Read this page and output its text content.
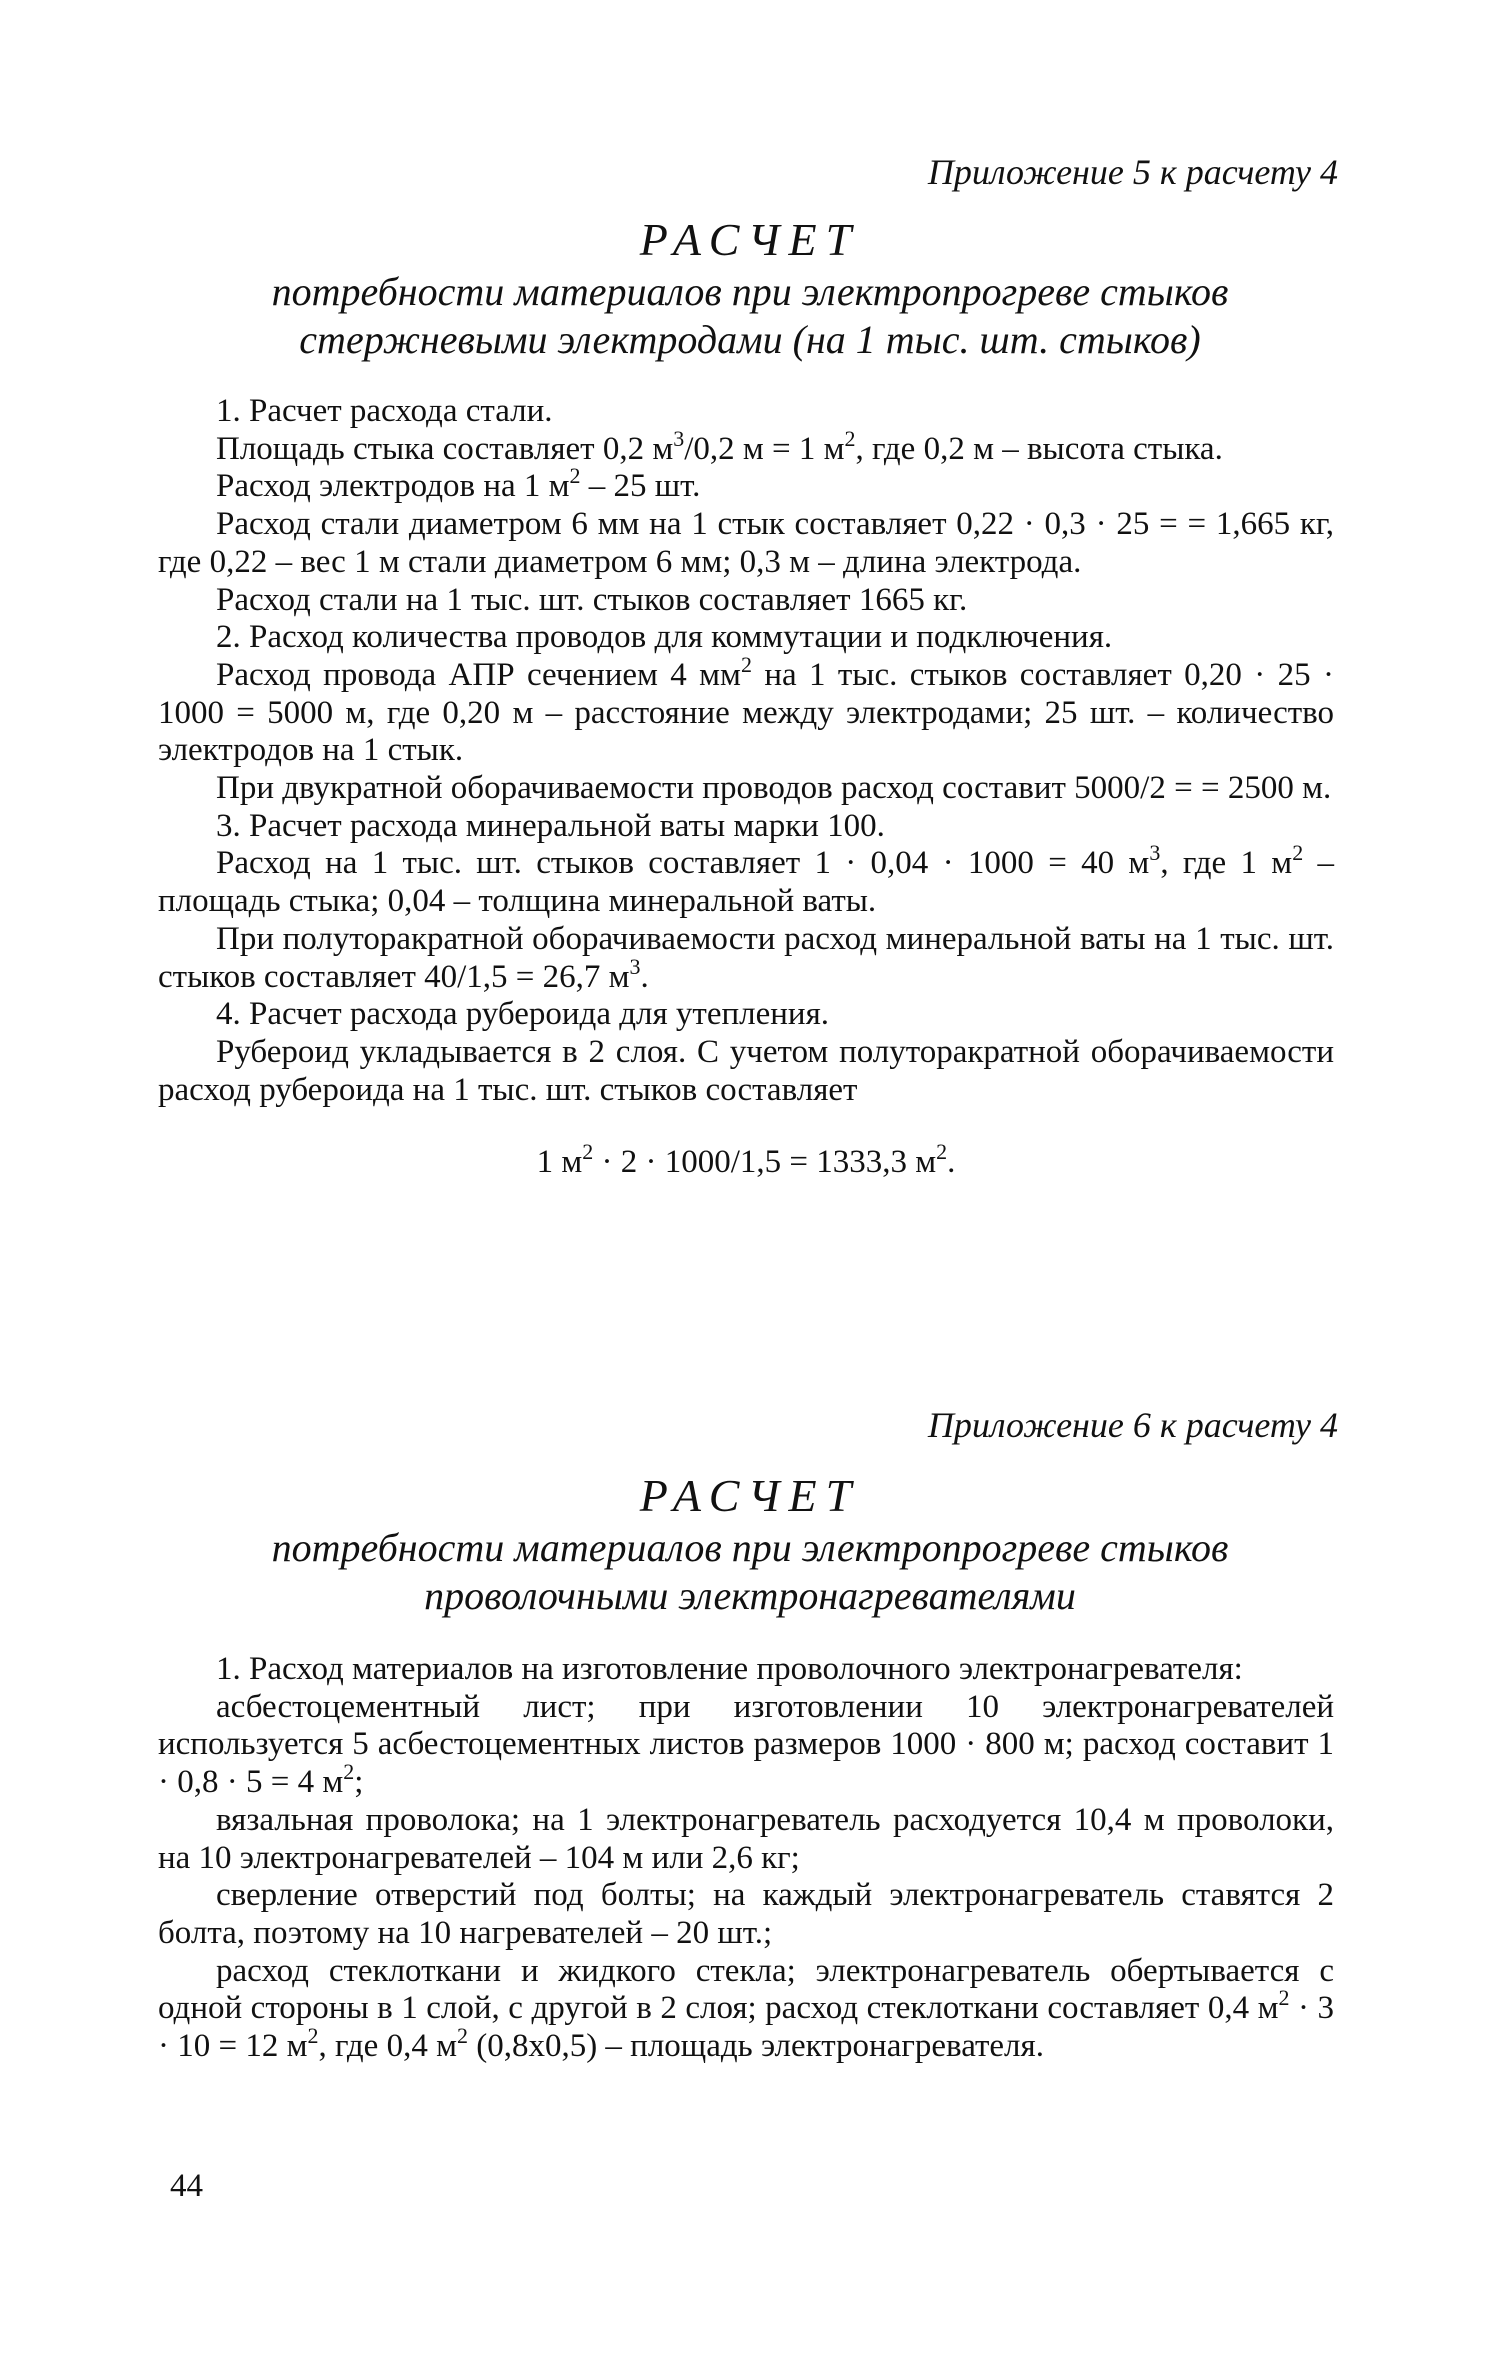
Приложение 5 к расчету 4
РАСЧЕТ
потребности материалов при электропрогреве стыков
стержневыми электродами (на 1 тыс. шт. стыков)

1. Расчет расхода стали.

Площадь стыка составляет 0,2 $м^3/0,2$ м = 1 $м^2$, где 0,2 м – высота стыка.

Расход электродов на 1 $м^2 - 25$ шт.

Расход стали диаметром 6 мм на 1 стык составляет 0,22 · 0,3 · 25 = = 1,665 кг, где 0,22 – вес 1 м стали диаметром 6 мм; 0,3 м – длина электрода.

Расход стали на 1 тыс. шт. стыков составляет 1665 кг.

2. Расход количества проводов для коммутации и подключения.

Расход провода АПР сечением 4 $мм^2$ на 1 тыс. стыков составляет 0,20 · 25 · 1000 = 5000 м, где 0,20 м – расстояние между электродами; 25 шт. – количество электродов на 1 стык.

При двукратной оборачиваемости проводов расход составит 5000/2 = = 2500 м.

3. Расчет расхода минеральной ваты марки 100.

Расход на 1 тыс. шт. стыков составляет 1 · 0,04 · 1000 = 40 $м^3$, где 1 $м^2$ – площадь стыка; 0,04 – толщина минеральной ваты.

При полуторакратной оборачиваемости расход минеральной ваты на 1 тыс. шт. стыков составляет 40/1,5 = 26,7 $м^3$.

4. Расчет расхода рубероида для утепления.

Рубероид укладывается в 2 слоя. С учетом полуторакратной оборачиваемости расход рубероида на 1 тыс. шт. стыков составляет

1 $м^2 \cdot 2 \cdot 1000/1,5 = 1333,3$ $м^2$.

Приложение 6 к расчету 4
РАСЧЕТ
потребности материалов при электропрогреве стыков
проволочными электронагревателями

1. Расход материалов на изготовление проволочного электронагревателя:

асбестоцементный лист; при изготовлении 10 электронагревателей используется 5 асбестоцементных листов размеров 1000 · 800 м; расход составит 1 · 0,8 · 5 = 4 $м^2$;

вязальная проволока; на 1 электронагреватель расходуется 10,4 м проволоки, на 10 электронагревателей – 104 м или 2,6 кг;

сверление отверстий под болты; на каждый электронагреватель ставятся 2 болта, поэтому на 10 нагревателей – 20 шт.;

расход стеклоткани и жидкого стекла; электронагреватель обертывается с одной стороны в 1 слой, с другой в 2 слоя; расход стеклоткани составляет 0,4 $м^2 \cdot 3 \cdot 10 = 12$ $м^2$, где 0,4 $м^2$ (0,8х0,5) – площадь электронагревателя.

44
